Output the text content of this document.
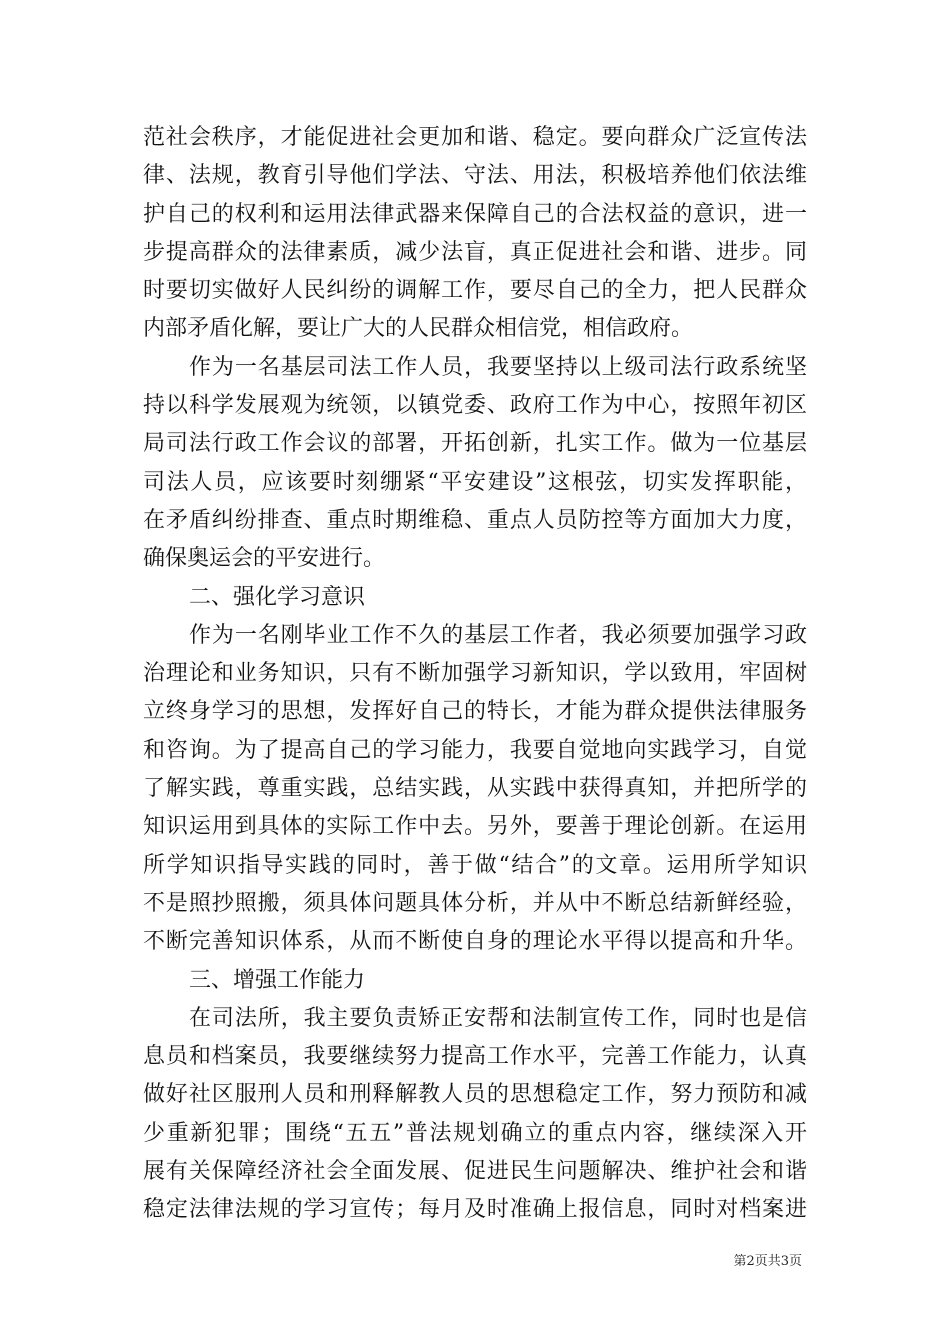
范社会秩序，才能促进社会更加和谐、稳定。要向群众广泛宣传法
律、法规，教育引导他们学法、守法、用法，积极培养他们依法维
护自己的权利和运用法律武器来保障自己的合法权益的意识，进一
步提高群众的法律素质，减少法盲，真正促进社会和谐、进步。同
时要切实做好人民纠纷的调解工作，要尽自己的全力，把人民群众
内部矛盾化解，要让广大的人民群众相信党，相信政府。
作为一名基层司法工作人员，我要坚持以上级司法行政系统坚
持以科学发展观为统领，以镇党委、政府工作为中心，按照年初区
局司法行政工作会议的部署，开拓创新，扎实工作。做为一位基层
司法人员，应该要时刻绷紧“平安建设”这根弦，切实发挥职能，
在矛盾纠纷排查、重点时期维稳、重点人员防控等方面加大力度，
确保奥运会的平安进行。
二、强化学习意识
作为一名刚毕业工作不久的基层工作者，我必须要加强学习政
治理论和业务知识，只有不断加强学习新知识，学以致用，牢固树
立终身学习的思想，发挥好自己的特长，才能为群众提供法律服务
和咨询。为了提高自己的学习能力，我要自觉地向实践学习，自觉
了解实践，尊重实践，总结实践，从实践中获得真知，并把所学的
知识运用到具体的实际工作中去。另外，要善于理论创新。在运用
所学知识指导实践的同时，善于做“结合”的文章。运用所学知识
不是照抄照搬，须具体问题具体分析，并从中不断总结新鲜经验，
不断完善知识体系，从而不断使自身的理论水平得以提高和升华。
三、增强工作能力
在司法所，我主要负责矫正安帮和法制宣传工作，同时也是信
息员和档案员，我要继续努力提高工作水平，完善工作能力，认真
做好社区服刑人员和刑释解教人员的思想稳定工作，努力预防和减
少重新犯罪；围绕“五五”普法规划确立的重点内容，继续深入开
展有关保障经济社会全面发展、促进民生问题解决、维护社会和谐
稳定法律法规的学习宣传；每月及时准确上报信息，同时对档案进
第2页共3页
